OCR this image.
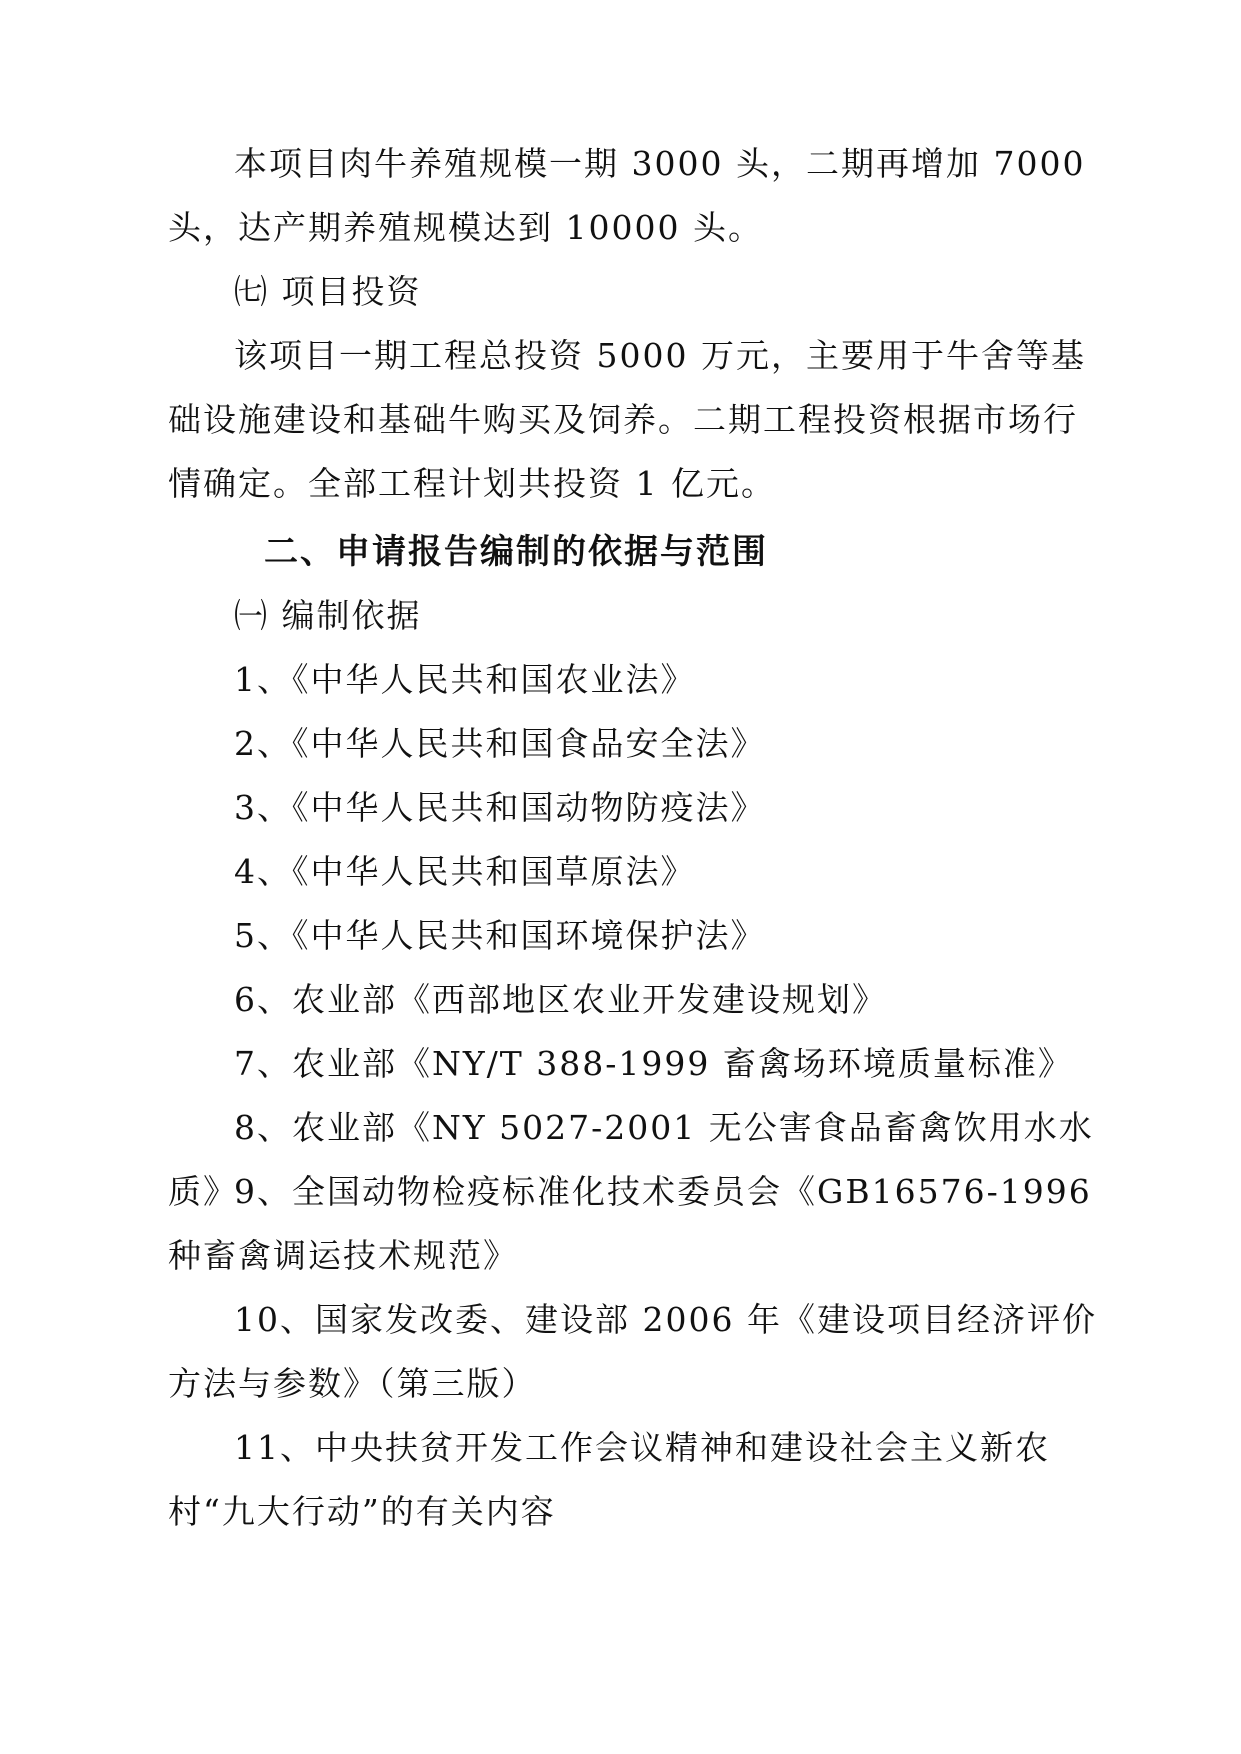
本项目肉牛养殖规模一期 3000 头，二期再增加 7000 头，达产期养殖规模达到 10000 头。

㈦ 项目投资

该项目一期工程总投资 5000 万元，主要用于牛舍等基础设施建设和基础牛购买及饲养。二期工程投资根据市场行情确定。全部工程计划共投资 1 亿元。

二、申请报告编制的依据与范围

㈠ 编制依据

1、《中华人民共和国农业法》

2、《中华人民共和国食品安全法》

3、《中华人民共和国动物防疫法》

4、《中华人民共和国草原法》

5、《中华人民共和国环境保护法》

6、农业部《西部地区农业开发建设规划》

7、农业部《NY/T 388-1999 畜禽场环境质量标准》

8、农业部《NY 5027-2001 无公害食品畜禽饮用水水质》

9、全国动物检疫标准化技术委员会《GB16576-1996 种畜禽调运技术规范》

10、国家发改委、建设部 2006 年《建设项目经济评价方法与参数》（第三版）

11、中央扶贫开发工作会议精神和建设社会主义新农村“九大行动”的有关内容
